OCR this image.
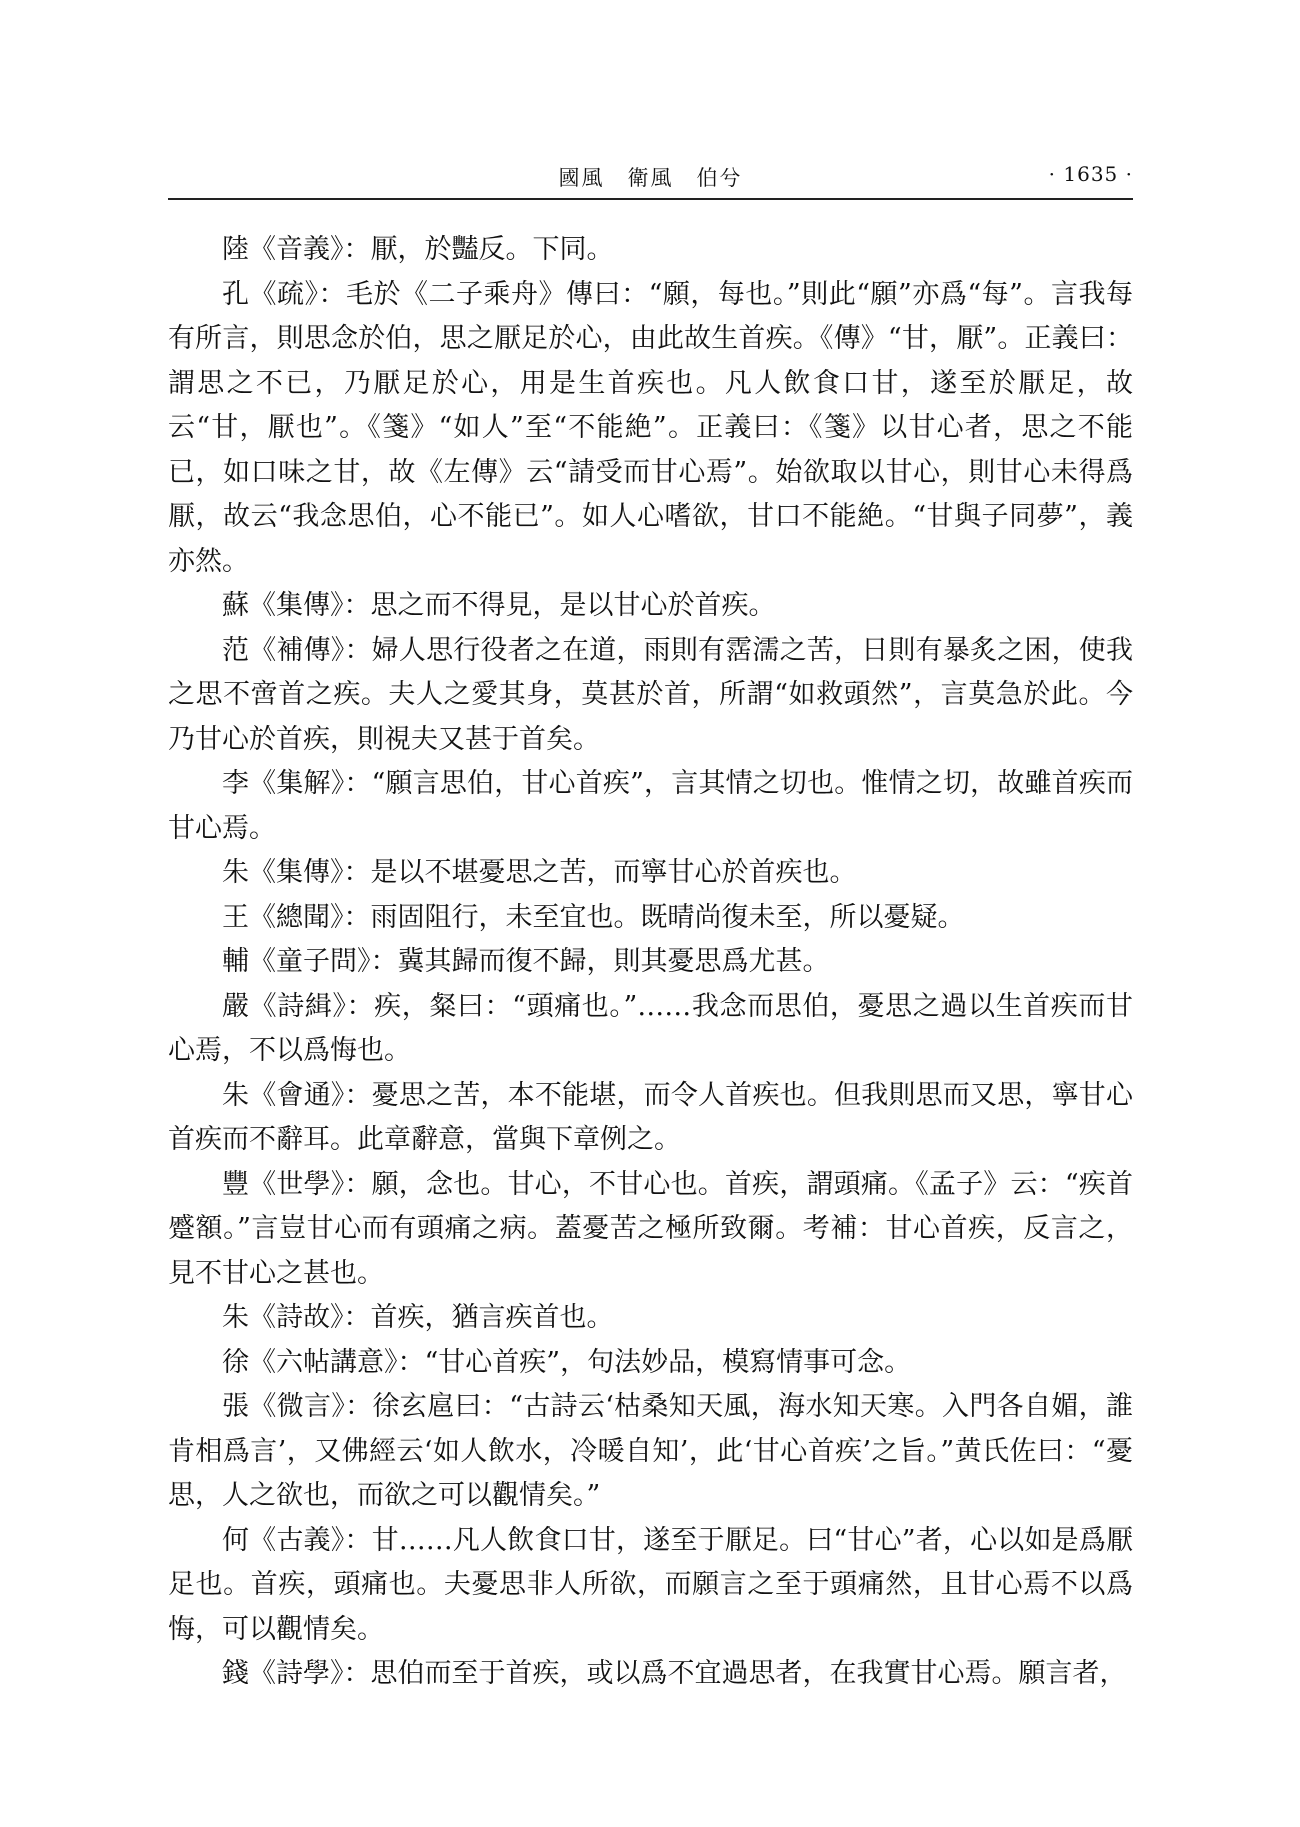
國風　衛風　伯兮	· 1635 ·

陸《音義》：厭，於豔反。下同。

孔《疏》：毛於《二子乘舟》傳曰：“願，每也。”則此“願”亦爲“每”。言我每有所言，則思念於伯，思之厭足於心，由此故生首疾。《傳》“甘，厭”。正義曰：謂思之不已，乃厭足於心，用是生首疾也。凡人飲食口甘，遂至於厭足，故云“甘，厭也”。《箋》“如人”至“不能絶”。正義曰：《箋》以甘心者，思之不能已，如口味之甘，故《左傳》云“請受而甘心焉”。始欲取以甘心，則甘心未得爲厭，故云“我念思伯，心不能已”。如人心嗜欲，甘口不能絶。“甘與子同夢”，義亦然。

蘇《集傳》：思之而不得見，是以甘心於首疾。

范《補傳》：婦人思行役者之在道，雨則有霑濡之苦，日則有暴炙之困，使我之思不啻首之疾。夫人之愛其身，莫甚於首，所謂“如救頭然”，言莫急於此。今乃甘心於首疾，則視夫又甚于首矣。

李《集解》：“願言思伯，甘心首疾”，言其情之切也。惟情之切，故雖首疾而甘心焉。

朱《集傳》：是以不堪憂思之苦，而寧甘心於首疾也。

王《總聞》：雨固阻行，未至宜也。既晴尚復未至，所以憂疑。

輔《童子問》：冀其歸而復不歸，則其憂思爲尤甚。

嚴《詩緝》：疾，粲曰：“頭痛也。”……我念而思伯，憂思之過以生首疾而甘心焉，不以爲悔也。

朱《會通》：憂思之苦，本不能堪，而令人首疾也。但我則思而又思，寧甘心首疾而不辭耳。此章辭意，當與下章例之。

豐《世學》：願，念也。甘心，不甘心也。首疾，謂頭痛。《孟子》云：“疾首蹙額。”言豈甘心而有頭痛之病。蓋憂苦之極所致爾。考補：甘心首疾，反言之，見不甘心之甚也。

朱《詩故》：首疾，猶言疾首也。

徐《六帖講意》：“甘心首疾”，句法妙品，模寫情事可念。

張《微言》：徐玄扈曰：“古詩云‘枯桑知天風，海水知天寒。入門各自媚，誰肯相爲言’，又佛經云‘如人飲水，冷暖自知’，此‘甘心首疾’之旨。”黄氏佐曰：“憂思，人之欲也，而欲之可以觀情矣。”

何《古義》：甘……凡人飲食口甘，遂至于厭足。曰“甘心”者，心以如是爲厭足也。首疾，頭痛也。夫憂思非人所欲，而願言之至于頭痛然，且甘心焉不以爲悔，可以觀情矣。

錢《詩學》：思伯而至于首疾，或以爲不宜過思者，在我實甘心焉。願言者，
